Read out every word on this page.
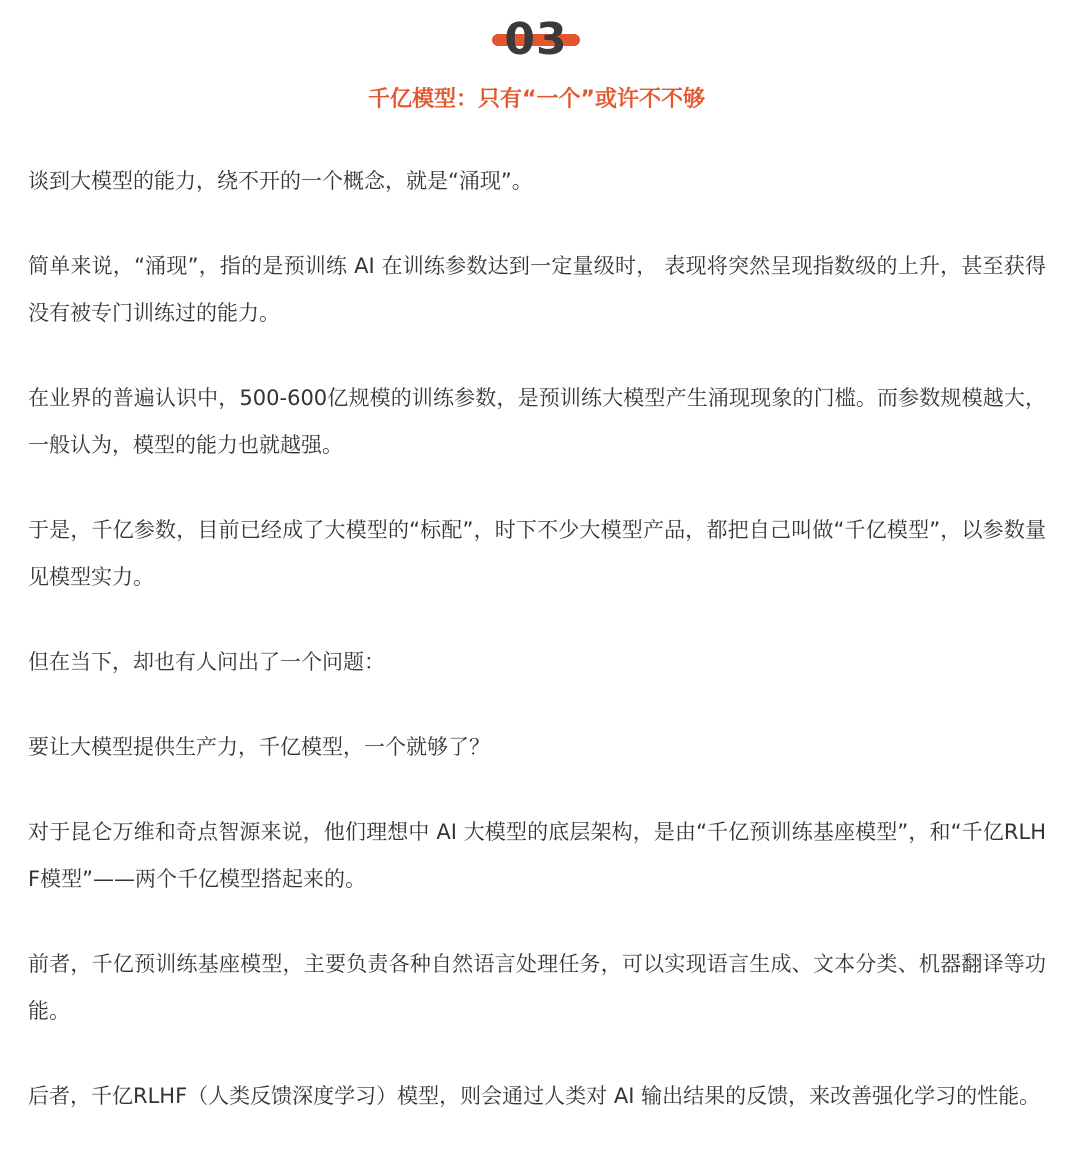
03
千亿模型：只有“一个”或许不不够

谈到大模型的能力，绕不开的一个概念，就是“涌现”。

简单来说，“涌现”，指的是预训练 AI 在训练参数达到一定量级时， 表现将突然呈现指数级的上升，甚至获得没有被专门训练过的能力。

在业界的普遍认识中，500-600亿规模的训练参数，是预训练大模型产生涌现现象的门槛。而参数规模越大，一般认为，模型的能力也就越强。

于是，千亿参数，目前已经成了大模型的“标配”，时下不少大模型产品，都把自己叫做“千亿模型”，以参数量见模型实力。

但在当下，却也有人问出了一个问题：

要让大模型提供生产力，千亿模型，一个就够了？

对于昆仑万维和奇点智源来说，他们理想中 AI 大模型的底层架构，是由“千亿预训练基座模型”，和“千亿RLHF模型”——两个千亿模型搭起来的。

前者，千亿预训练基座模型，主要负责各种自然语言处理任务，可以实现语言生成、文本分类、机器翻译等功能。

后者，千亿RLHF（人类反馈深度学习）模型，则会通过人类对 AI 输出结果的反馈，来改善强化学习的性能。
